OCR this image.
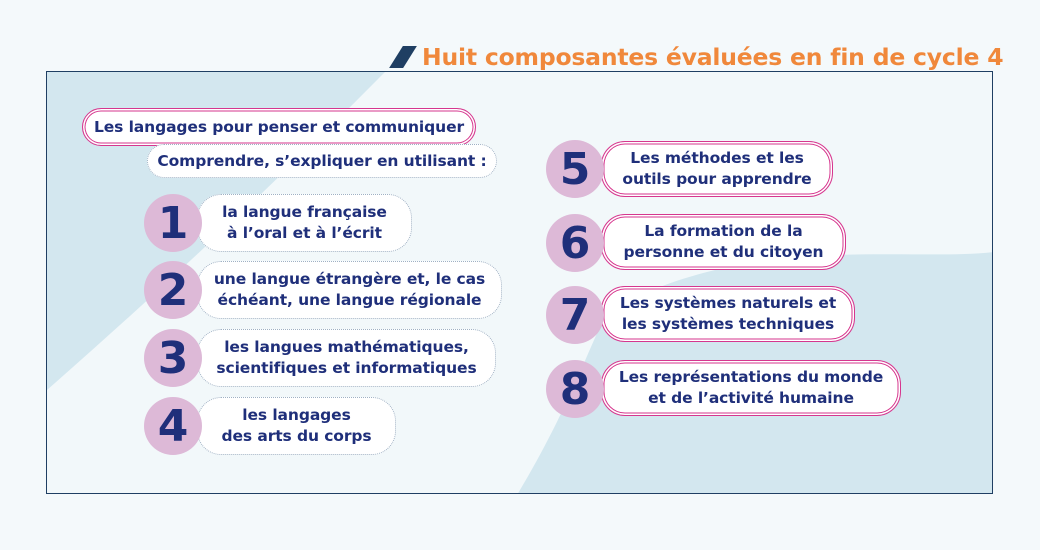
Huit composantes évaluées en fin de cycle 4
Les langages pour penser et communiquer
Comprendre, s’expliquer en utilisant :
1	la langue française
à l’oral et à l’écrit
2	une langue étrangère et, le cas
échéant, une langue régionale
3	les langues mathématiques,
scientifiques et informatiques
4	les langages
des arts du corps
5	Les méthodes et les
outils pour apprendre
6	La formation de la
personne et du citoyen
7	Les systèmes naturels et
les systèmes techniques
8	Les représentations du monde
et de l’activité humaine
